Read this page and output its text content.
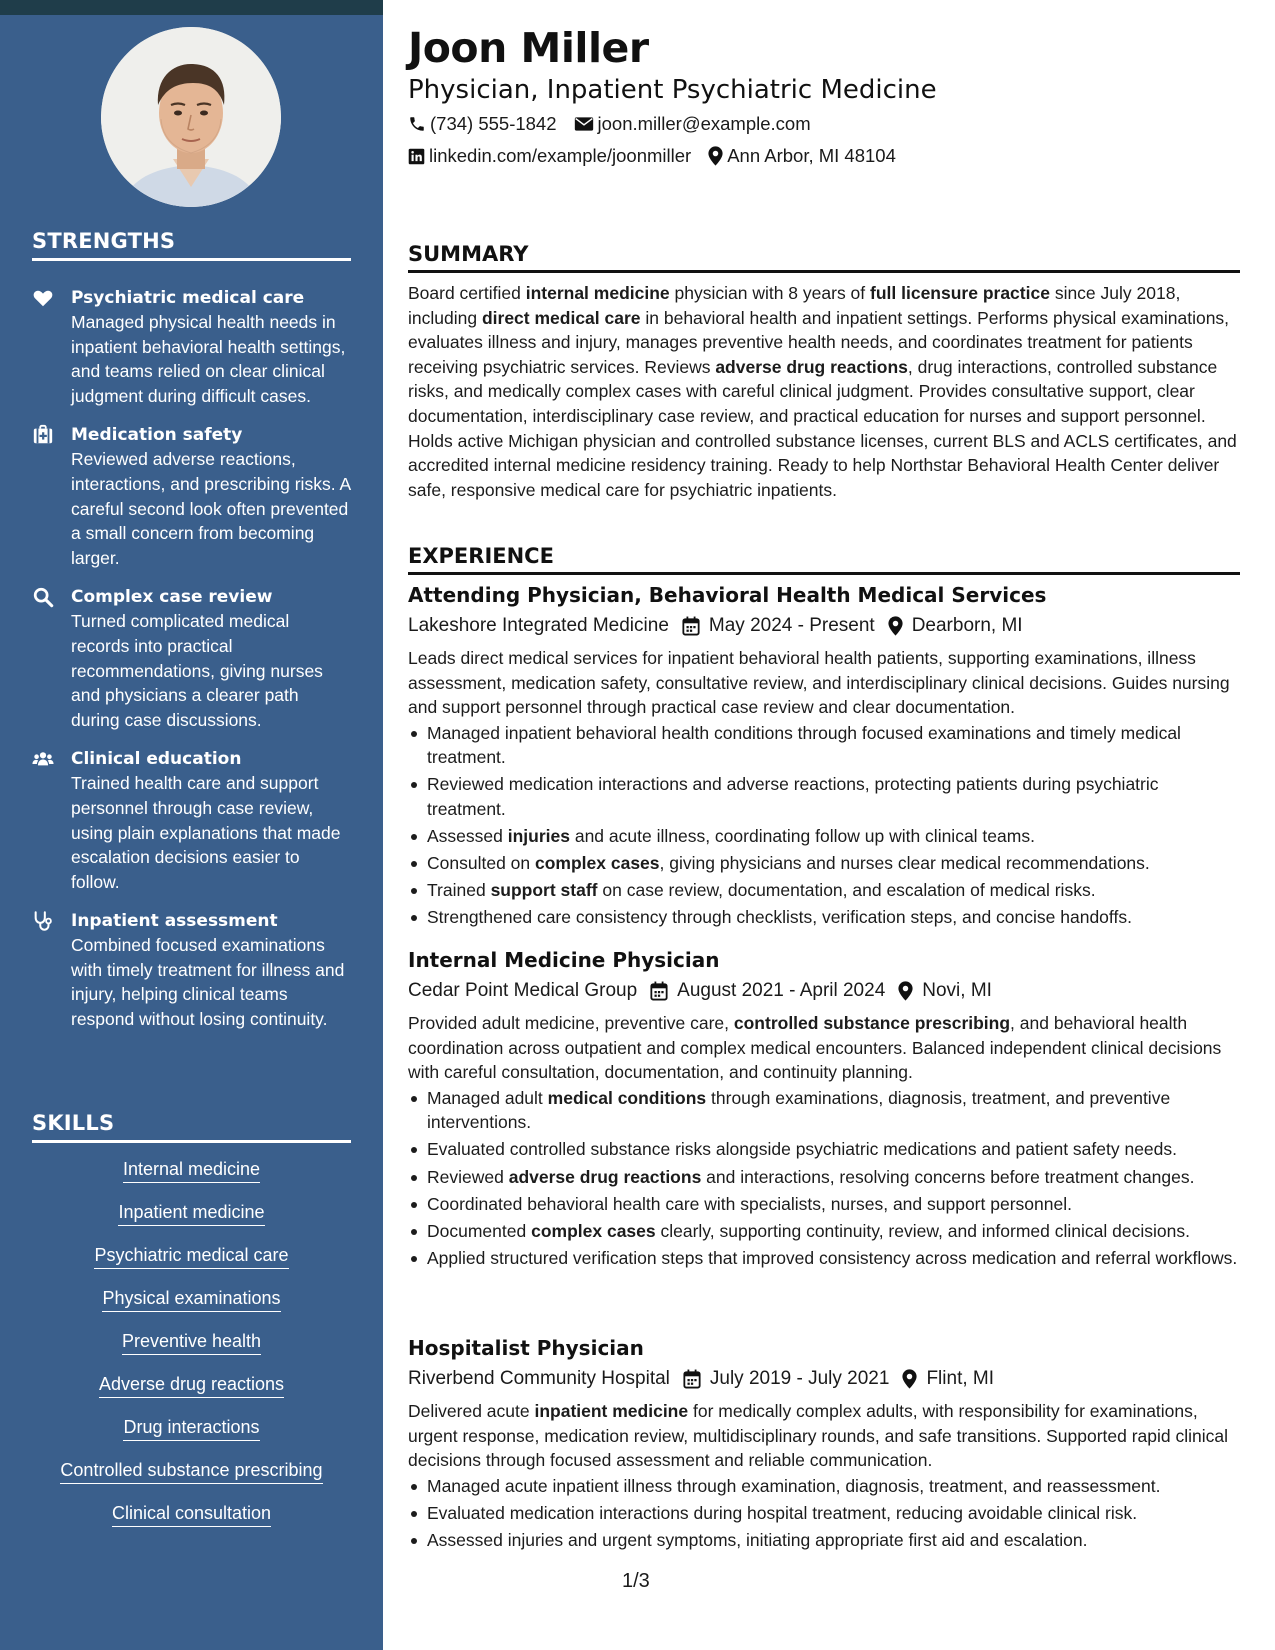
STRENGTHS
Psychiatric medical care
Managed physical health needs in inpatient behavioral health settings, and teams relied on clear clinical judgment during difficult cases.
Medication safety
Reviewed adverse reactions, interactions, and prescribing risks. A careful second look often prevented a small concern from becoming larger.
Complex case review
Turned complicated medical records into practical recommendations, giving nurses and physicians a clearer path during case discussions.
Clinical education
Trained health care and support personnel through case review, using plain explanations that made escalation decisions easier to follow.
Inpatient assessment
Combined focused examinations with timely treatment for illness and injury, helping clinical teams respond without losing continuity.
SKILLS
Internal medicine
Inpatient medicine
Psychiatric medical care
Physical examinations
Preventive health
Adverse drug reactions
Drug interactions
Controlled substance prescribing
Clinical consultation
Joon Miller
Physician, Inpatient Psychiatric Medicine
(734) 555-1842 joon.miller@example.com
linkedin.com/example/joonmiller Ann Arbor, MI 48104
SUMMARY
Board certified internal medicine physician with 8 years of full licensure practice since July 2018, including direct medical care in behavioral health and inpatient settings. Performs physical examinations, evaluates illness and injury, manages preventive health needs, and coordinates treatment for patients receiving psychiatric services. Reviews adverse drug reactions, drug interactions, controlled substance risks, and medically complex cases with careful clinical judgment. Provides consultative support, clear documentation, interdisciplinary case review, and practical education for nurses and support personnel. Holds active Michigan physician and controlled substance licenses, current BLS and ACLS certificates, and accredited internal medicine residency training. Ready to help Northstar Behavioral Health Center deliver safe, responsive medical care for psychiatric inpatients.
EXPERIENCE
Attending Physician, Behavioral Health Medical Services
Lakeshore Integrated Medicine May 2024 - Present Dearborn, MI
Leads direct medical services for inpatient behavioral health patients, supporting examinations, illness assessment, medication safety, consultative review, and interdisciplinary clinical decisions. Guides nursing and support personnel through practical case review and clear documentation.
Managed inpatient behavioral health conditions through focused examinations and timely medical treatment.
Reviewed medication interactions and adverse reactions, protecting patients during psychiatric treatment.
Assessed injuries and acute illness, coordinating follow up with clinical teams.
Consulted on complex cases, giving physicians and nurses clear medical recommendations.
Trained support staff on case review, documentation, and escalation of medical risks.
Strengthened care consistency through checklists, verification steps, and concise handoffs.
Internal Medicine Physician
Cedar Point Medical Group August 2021 - April 2024 Novi, MI
Provided adult medicine, preventive care, controlled substance prescribing, and behavioral health coordination across outpatient and complex medical encounters. Balanced independent clinical decisions with careful consultation, documentation, and continuity planning.
Managed adult medical conditions through examinations, diagnosis, treatment, and preventive interventions.
Evaluated controlled substance risks alongside psychiatric medications and patient safety needs.
Reviewed adverse drug reactions and interactions, resolving concerns before treatment changes.
Coordinated behavioral health care with specialists, nurses, and support personnel.
Documented complex cases clearly, supporting continuity, review, and informed clinical decisions.
Applied structured verification steps that improved consistency across medication and referral workflows.
Hospitalist Physician
Riverbend Community Hospital July 2019 - July 2021 Flint, MI
Delivered acute inpatient medicine for medically complex adults, with responsibility for examinations, urgent response, medication review, multidisciplinary rounds, and safe transitions. Supported rapid clinical decisions through focused assessment and reliable communication.
Managed acute inpatient illness through examination, diagnosis, treatment, and reassessment.
Evaluated medication interactions during hospital treatment, reducing avoidable clinical risk.
Assessed injuries and urgent symptoms, initiating appropriate first aid and escalation.
1/3
